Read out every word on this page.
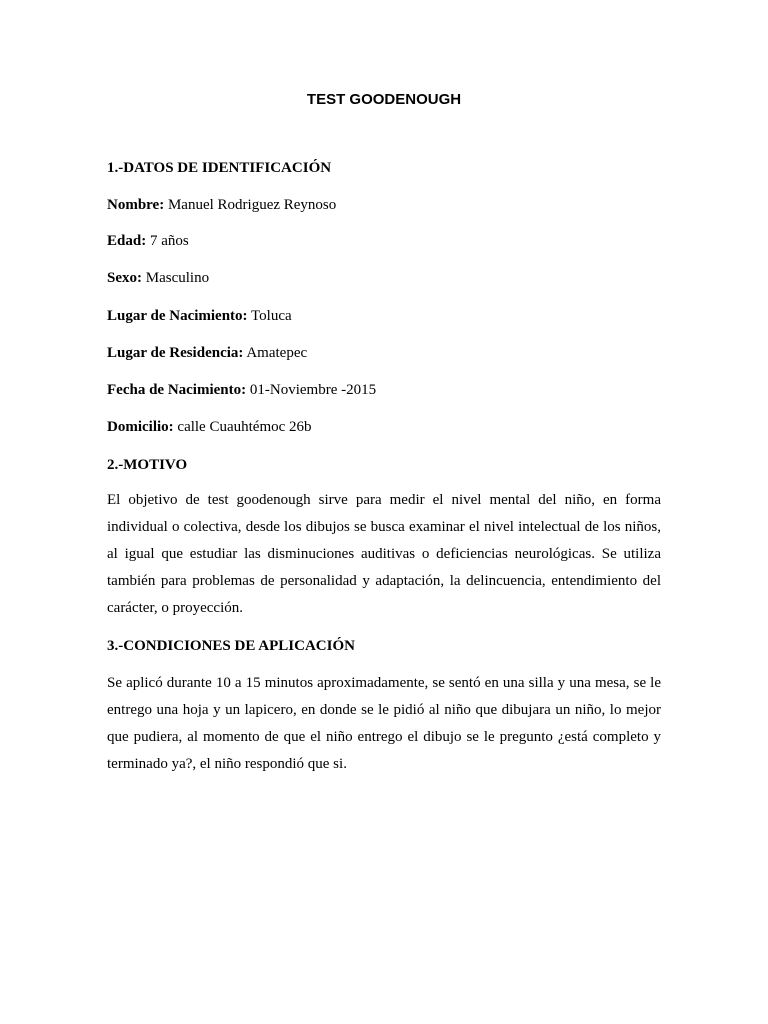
TEST GOODENOUGH
1.-DATOS DE IDENTIFICACIÓN

Nombre: Manuel Rodriguez Reynoso

Edad: 7 años

Sexo: Masculino

Lugar de Nacimiento: Toluca

Lugar de Residencia: Amatepec

Fecha de Nacimiento: 01-Noviembre -2015

Domicilio: calle Cuauhtémoc 26b

2.-MOTIVO

El objetivo de test goodenough sirve para medir el nivel mental del niño, en forma individual o colectiva, desde los dibujos se busca examinar el nivel intelectual de los niños, al igual que estudiar las disminuciones auditivas o deficiencias neurológicas. Se utiliza también para problemas de personalidad y adaptación, la delincuencia, entendimiento del carácter, o proyección.

3.-CONDICIONES DE APLICACIÓN

Se aplicó durante 10 a 15 minutos aproximadamente, se sentó en una silla y una mesa, se le entrego una hoja y un lapicero, en donde se le pidió al niño que dibujara un niño, lo mejor que pudiera, al momento de que el niño entrego el dibujo se le pregunto ¿está completo y terminado ya?, el niño respondió que si.
